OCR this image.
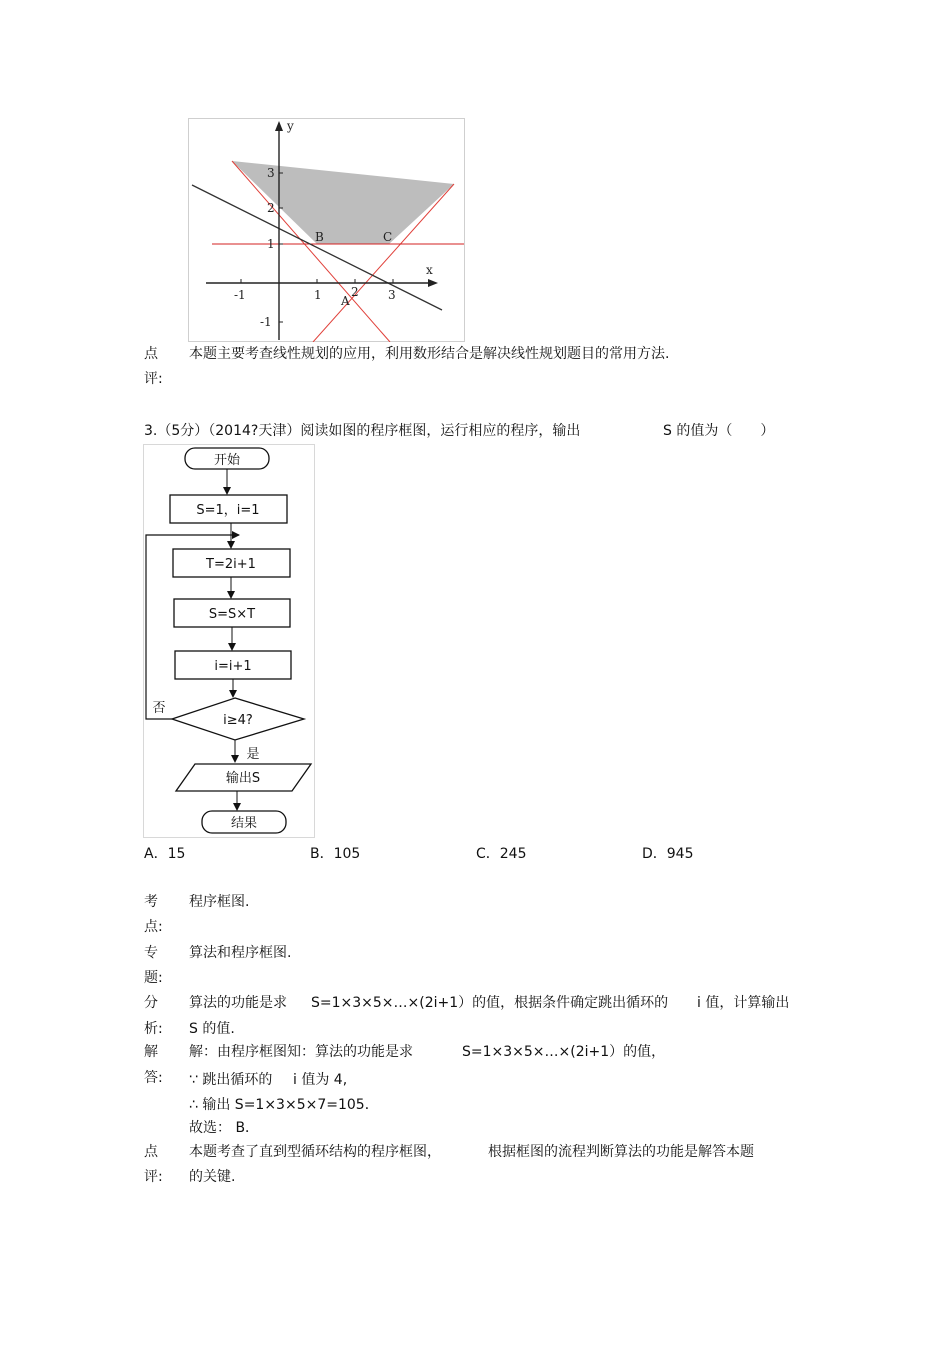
y
x
-1	1 2 3
3
2
1
-1
B	C
A
点
评:
本题主要考查线性规划的应用，利用数形结合是解决线性规划题目的常用方法.
3.（5分）（2014?天津）阅读如图的程序框图，运行相应的程序，输出	S 的值为（　　）
开始
S=1，i=1
T=2i+1
S=S×T
i=i+1
i≥4?
输出S
结果
否
是
A．15	B．105	C．245	D．945
考
点:
程序框图.
专
题:
算法和程序框图.
分
析:
算法的功能是求 S=1×3×5×…×(2i+1）的值，根据条件确定跳出循环的 i 值，计算输出
S 的值.
解
答:
解：由程序框图知：算法的功能是求	S=1×3×5×…×(2i+1）的值，
∵ 跳出循环的 i 值为 4,
∴ 输出 S=1×3×5×7=105．
故选： B．
点
评:
本题考查了直到型循环结构的程序框图，	根据框图的流程判断算法的功能是解答本题
的关键.
